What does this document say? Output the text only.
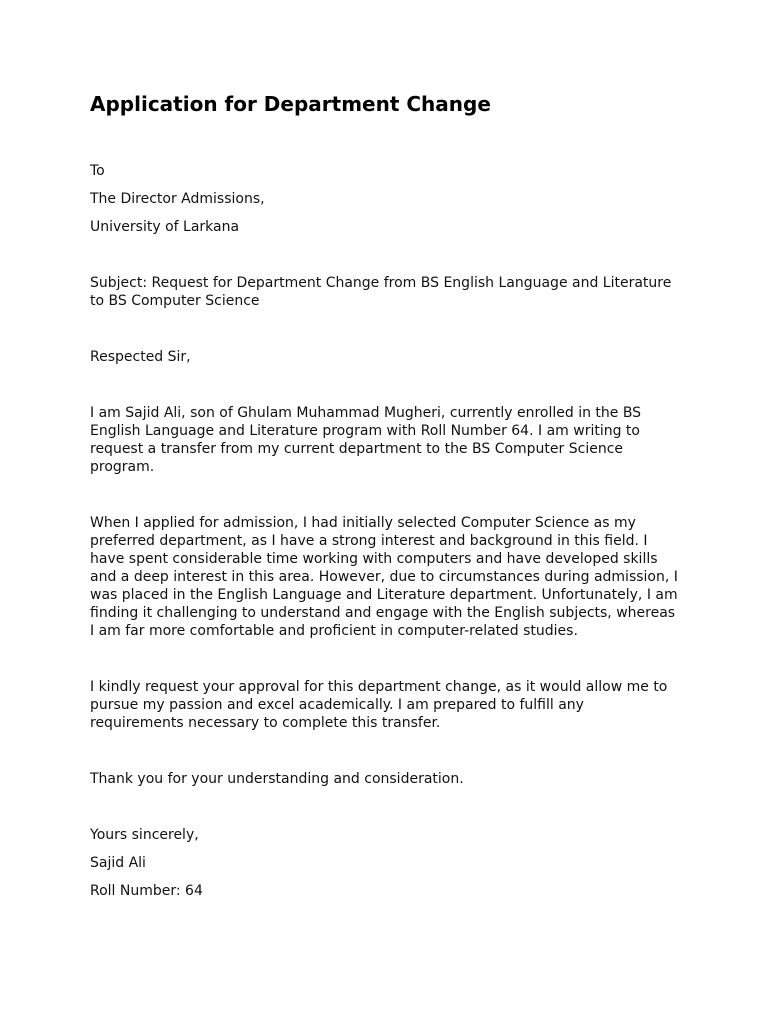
Application for Department Change
To
The Director Admissions,
University of Larkana

Subject: Request for Department Change from BS English Language and Literature to BS Computer Science

Respected Sir,

I am Sajid Ali, son of Ghulam Muhammad Mugheri, currently enrolled in the BS English Language and Literature program with Roll Number 64. I am writing to request a transfer from my current department to the BS Computer Science program.

When I applied for admission, I had initially selected Computer Science as my preferred department, as I have a strong interest and background in this field. I have spent considerable time working with computers and have developed skills and a deep interest in this area. However, due to circumstances during admission, I was placed in the English Language and Literature department. Unfortunately, I am finding it challenging to understand and engage with the English subjects, whereas I am far more comfortable and proficient in computer-related studies.

I kindly request your approval for this department change, as it would allow me to pursue my passion and excel academically. I am prepared to fulfill any requirements necessary to complete this transfer.

Thank you for your understanding and consideration.

Yours sincerely,
Sajid Ali
Roll Number: 64
